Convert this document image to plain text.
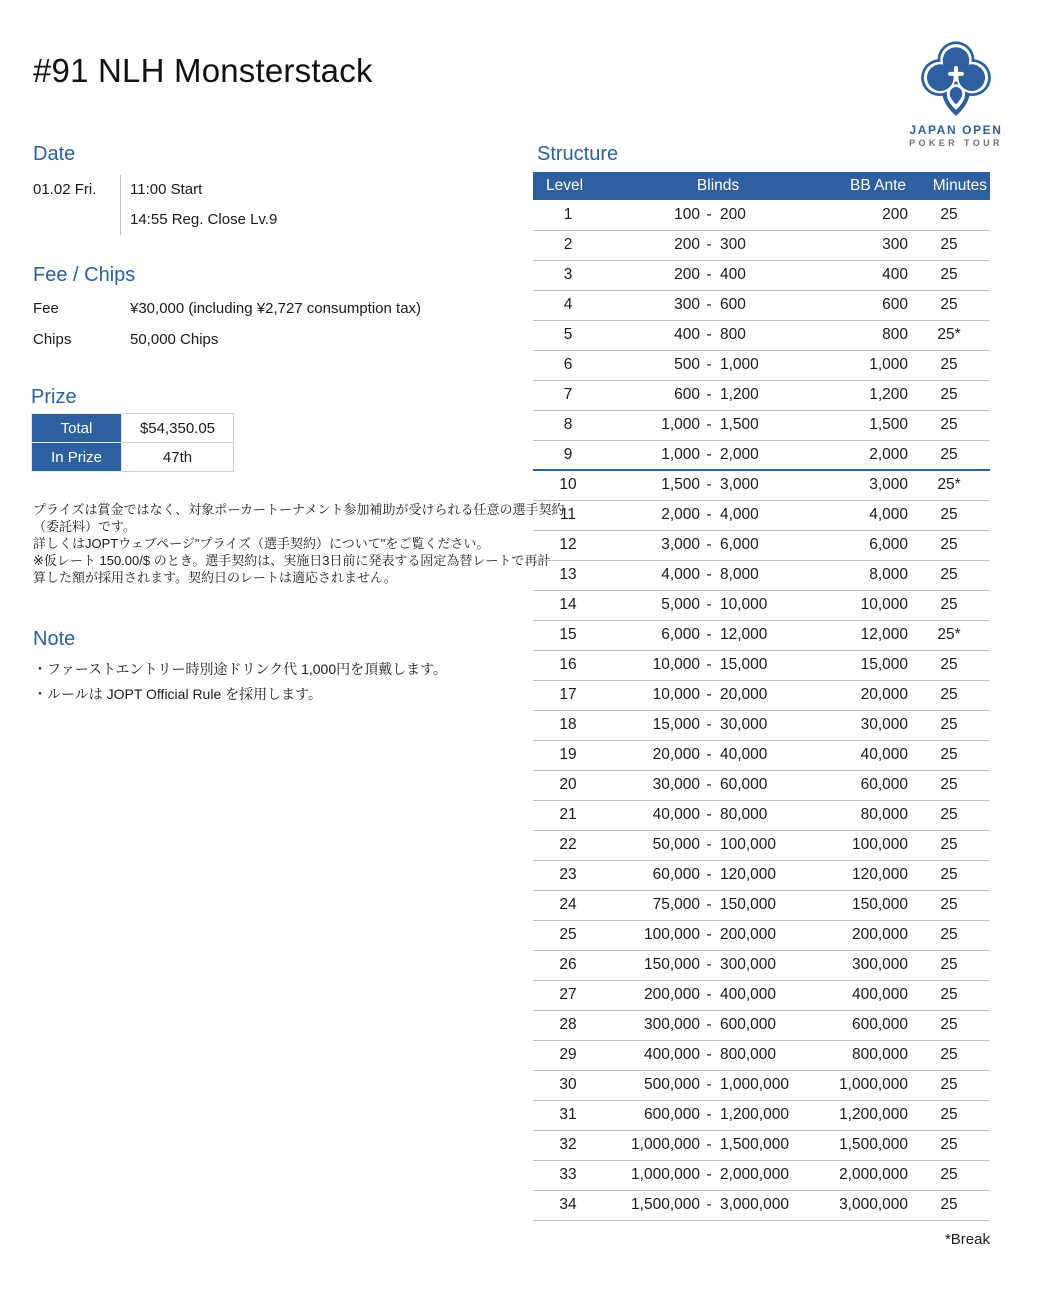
#91 NLH Monsterstack
JAPAN OPEN
POKER TOUR
Date
01.02 Fri.	11:00 Start
14:55 Reg. Close Lv.9
Fee / Chips
Fee	¥30,000 (including ¥2,727 consumption tax)
Chips	50,000 Chips
Prize
Total	$54,350.05
In Prize	47th
プライズは賞金ではなく、対象ポーカートーナメント参加補助が受けられる任意の選手契約
（委託料）です。
詳しくはJOPTウェブページ"プライズ（選手契約）について"をご覧ください。
※仮レート 150.00/$ のとき。選手契約は、実施日3日前に発表する固定為替レートで再計
算した額が採用されます。契約日のレートは適応されません。
Note
・ファーストエントリー時別途ドリンク代 1,000円を頂戴します。
・ルールは JOPT Official Rule を採用します。
Structure
Level	Blinds			BB Ante	Minutes
1	100	-	200	200	25
2	200	-	300	300	25
3	200	-	400	400	25
4	300	-	600	600	25
5	400	-	800	800	25*
6	500	-	1,000	1,000	25
7	600	-	1,200	1,200	25
8	1,000	-	1,500	1,500	25
9	1,000	-	2,000	2,000	25
10	1,500	-	3,000	3,000	25*
11	2,000	-	4,000	4,000	25
12	3,000	-	6,000	6,000	25
13	4,000	-	8,000	8,000	25
14	5,000	-	10,000	10,000	25
15	6,000	-	12,000	12,000	25*
16	10,000	-	15,000	15,000	25
17	10,000	-	20,000	20,000	25
18	15,000	-	30,000	30,000	25
19	20,000	-	40,000	40,000	25
20	30,000	-	60,000	60,000	25
21	40,000	-	80,000	80,000	25
22	50,000	-	100,000	100,000	25
23	60,000	-	120,000	120,000	25
24	75,000	-	150,000	150,000	25
25	100,000	-	200,000	200,000	25
26	150,000	-	300,000	300,000	25
27	200,000	-	400,000	400,000	25
28	300,000	-	600,000	600,000	25
29	400,000	-	800,000	800,000	25
30	500,000	-	1,000,000	1,000,000	25
31	600,000	-	1,200,000	1,200,000	25
32	1,000,000	-	1,500,000	1,500,000	25
33	1,000,000	-	2,000,000	2,000,000	25
34	1,500,000	-	3,000,000	3,000,000	25
*Break
